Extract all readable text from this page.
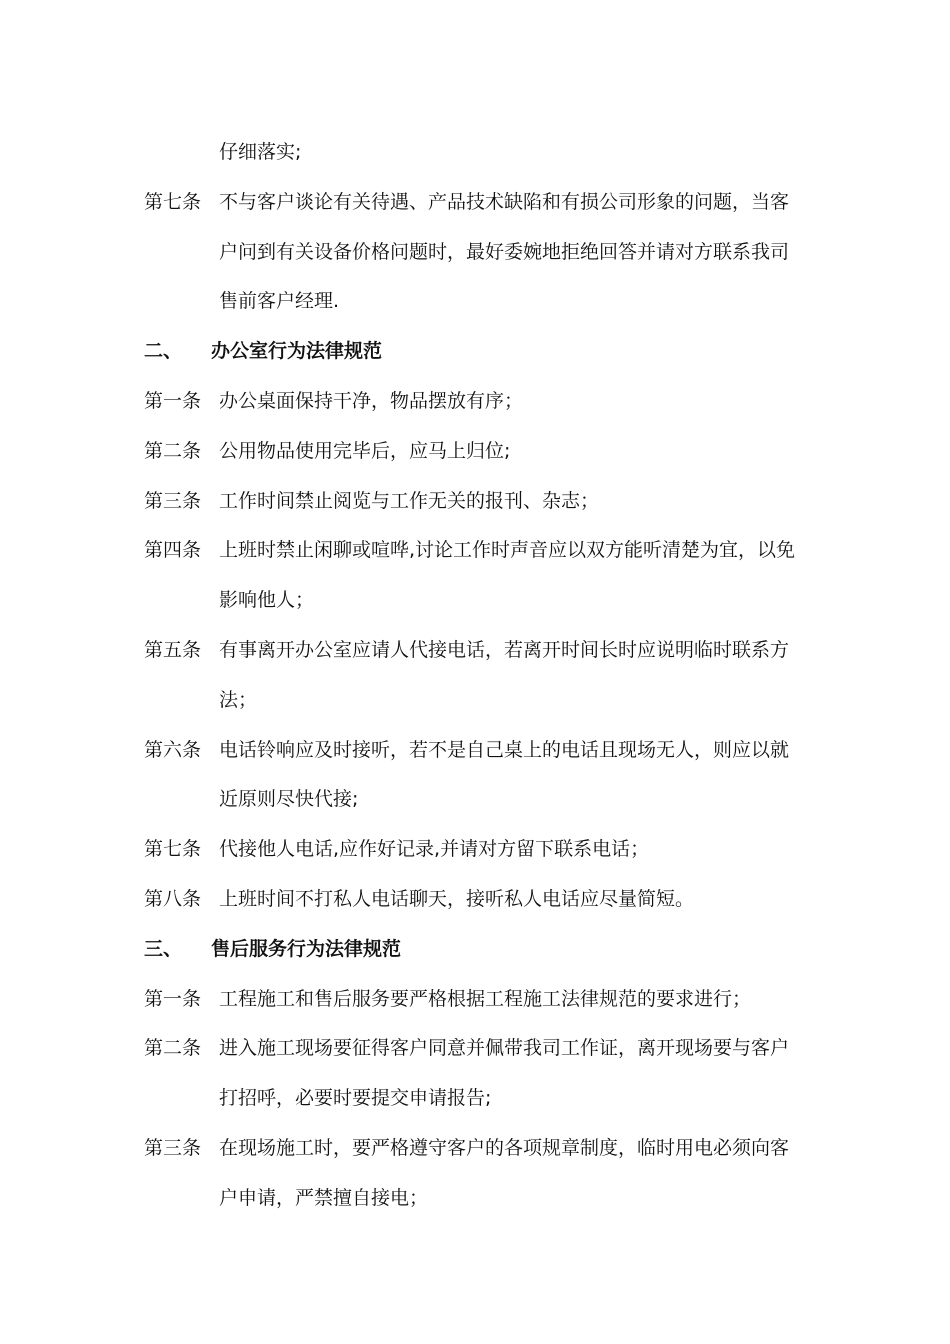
仔细落实;
第七条 不与客户谈论有关待遇、产品技术缺陷和有损公司形象的问题，当客
户问到有关设备价格问题时，最好委婉地拒绝回答并请对方联系我司
售前客户经理.
二、 办公室行为法律规范
第一条 办公桌面保持干净，物品摆放有序；
第二条 公用物品使用完毕后，应马上归位;
第三条 工作时间禁止阅览与工作无关的报刊、杂志；
第四条 上班时禁止闲聊或喧哗,讨论工作时声音应以双方能听清楚为宜，以免
影响他人；
第五条 有事离开办公室应请人代接电话，若离开时间长时应说明临时联系方
法；
第六条 电话铃响应及时接听，若不是自己桌上的电话且现场无人，则应以就
近原则尽快代接;
第七条 代接他人电话,应作好记录,并请对方留下联系电话；
第八条 上班时间不打私人电话聊天，接听私人电话应尽量简短。
三、 售后服务行为法律规范
第一条 工程施工和售后服务要严格根据工程施工法律规范的要求进行；
第二条 进入施工现场要征得客户同意并佩带我司工作证，离开现场要与客户
打招呼，必要时要提交申请报告;
第三条 在现场施工时，要严格遵守客户的各项规章制度，临时用电必须向客
户申请，严禁擅自接电；
